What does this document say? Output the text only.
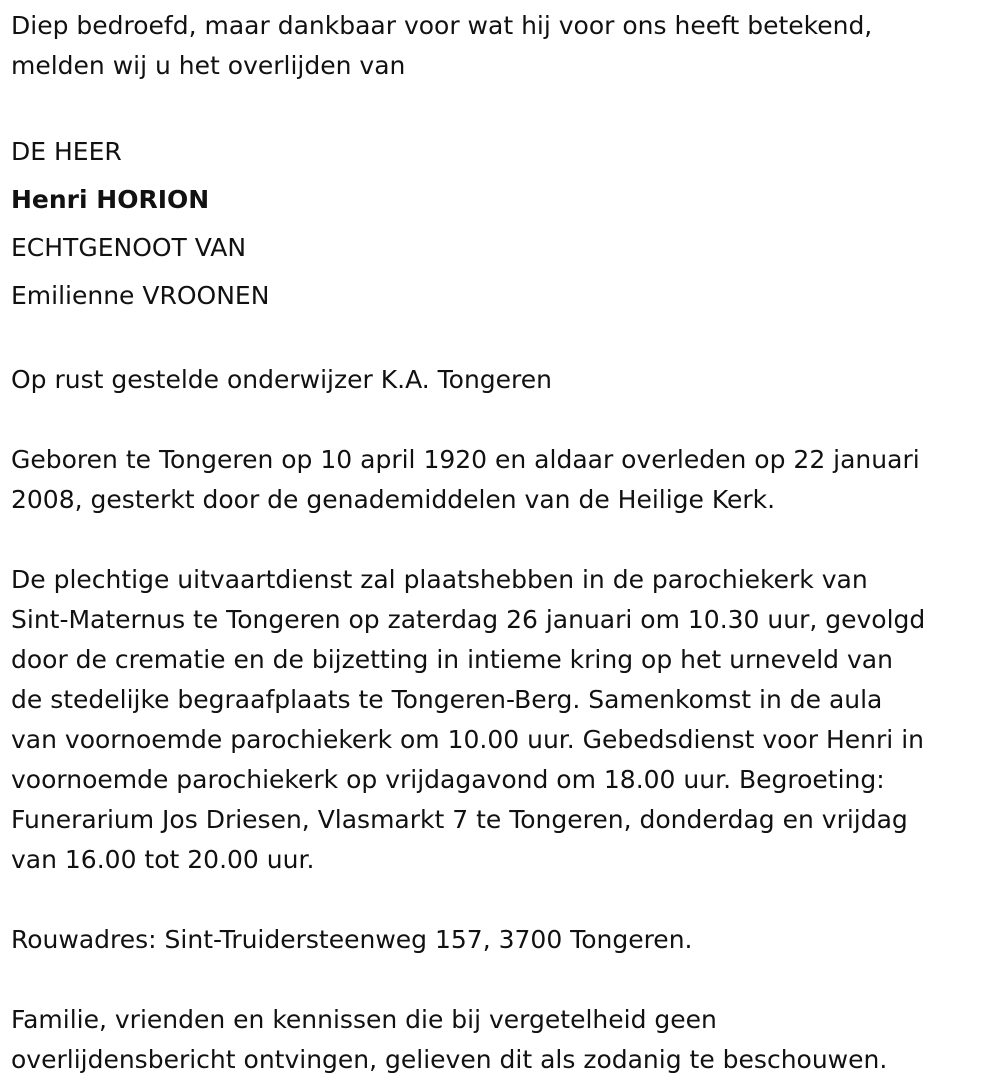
Diep bedroefd, maar dankbaar voor wat hij voor ons heeft betekend,
melden wij u het overlijden van

DE HEER

Henri HORION

ECHTGENOOT VAN

Emilienne VROONEN

Op rust gestelde onderwijzer K.A. Tongeren

Geboren te Tongeren op 10 april 1920 en aldaar overleden op 22 januari
2008, gesterkt door de genademiddelen van de Heilige Kerk.
De plechtige uitvaartdienst zal plaatshebben in de parochiekerk van
Sint-Maternus te Tongeren op zaterdag 26 januari om 10.30 uur, gevolgd
door de crematie en de bijzetting in intieme kring op het urneveld van
de stedelijke begraafplaats te Tongeren-Berg. Samenkomst in de aula
van voornoemde parochiekerk om 10.00 uur. Gebedsdienst voor Henri in
voornoemde parochiekerk op vrijdagavond om 18.00 uur. Begroeting:
Funerarium Jos Driesen, Vlasmarkt 7 te Tongeren, donderdag en vrijdag
van 16.00 tot 20.00 uur.

Rouwadres: Sint-Truidersteenweg 157, 3700 Tongeren.

Familie, vrienden en kennissen die bij vergetelheid geen
overlijdensbericht ontvingen, gelieven dit als zodanig te beschouwen.
